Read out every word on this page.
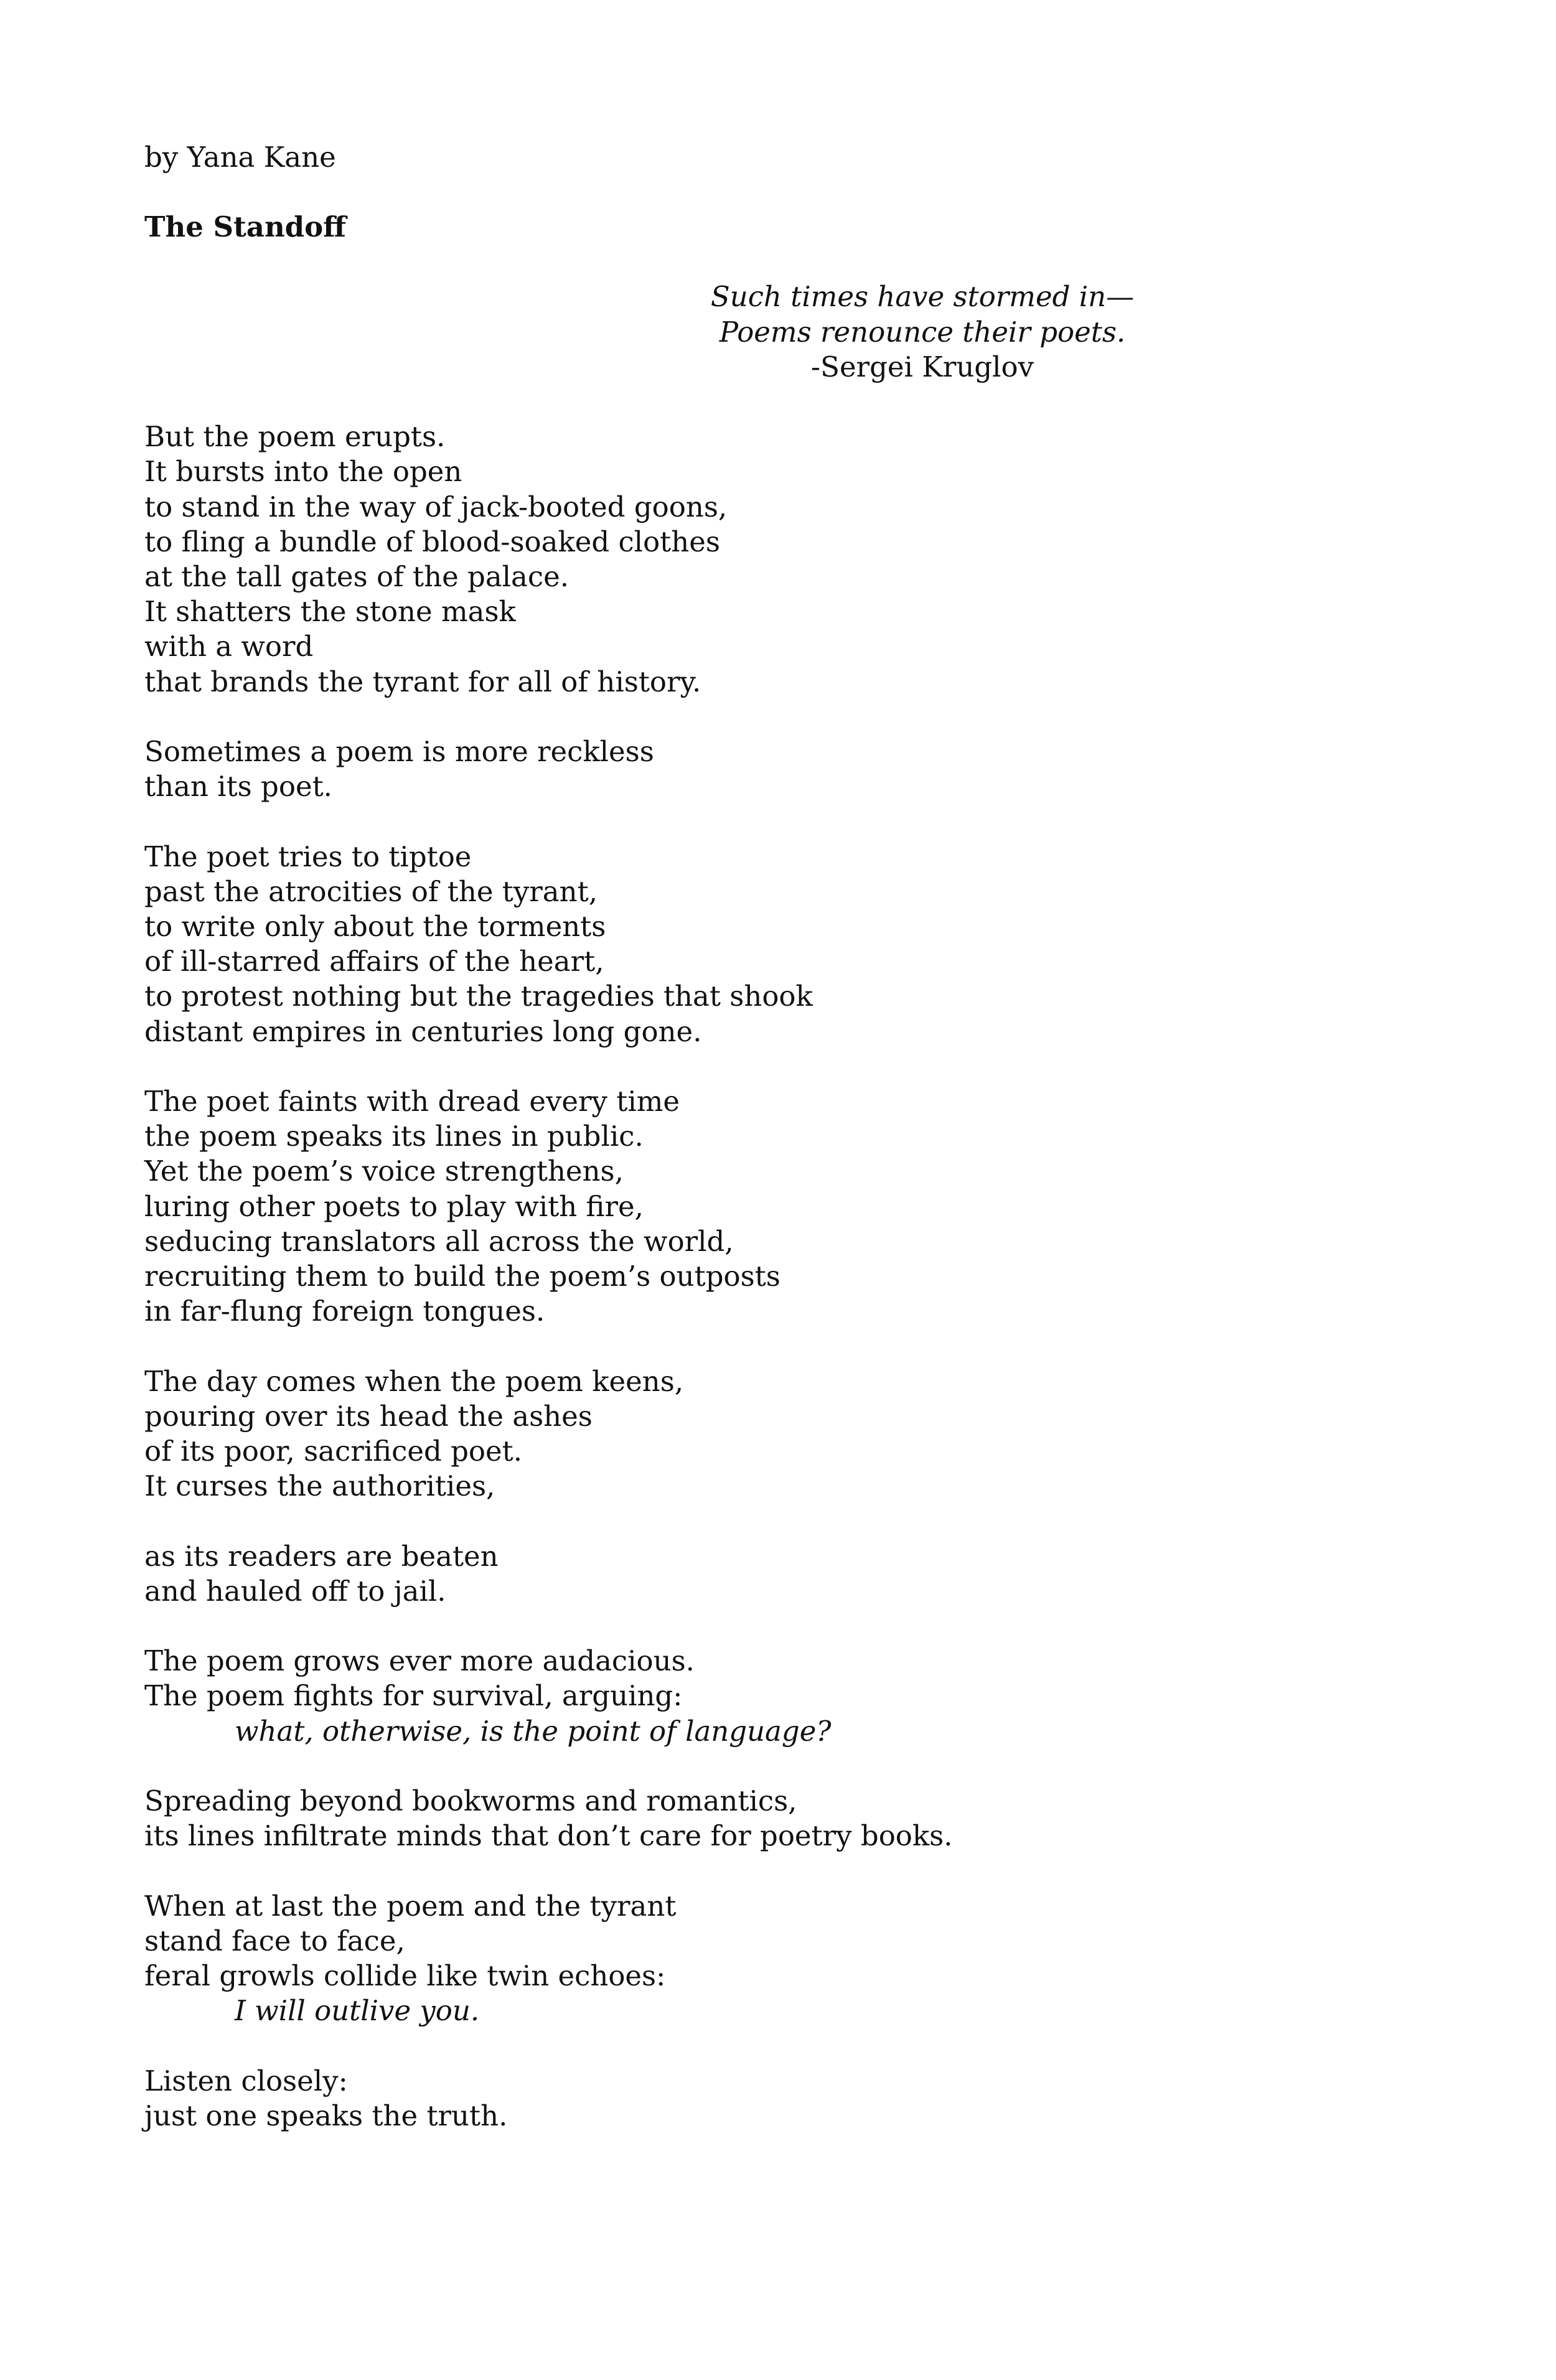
by Yana Kane

The Standoff

Such times have stormed in—
Poems renounce their poets.
-Sergei Kruglov
But the poem erupts.
It bursts into the open
to stand in the way of jack-booted goons,
to fling a bundle of blood-soaked clothes
at the tall gates of the palace.
It shatters the stone mask
with a word
that brands the tyrant for all of history.
Sometimes a poem is more reckless
than its poet.
The poet tries to tiptoe
past the atrocities of the tyrant,
to write only about the torments
of ill-starred affairs of the heart,
to protest nothing but the tragedies that shook
distant empires in centuries long gone.
The poet faints with dread every time
the poem speaks its lines in public.
Yet the poem’s voice strengthens,
luring other poets to play with fire,
seducing translators all across the world,
recruiting them to build the poem’s outposts
in far-flung foreign tongues.
The day comes when the poem keens,
pouring over its head the ashes
of its poor, sacrificed poet.
It curses the authorities,
as its readers are beaten
and hauled off to jail.
The poem grows ever more audacious.
The poem fights for survival, arguing:
what, otherwise, is the point of language?
Spreading beyond bookworms and romantics,
its lines infiltrate minds that don’t care for poetry books.
When at last the poem and the tyrant
stand face to face,
feral growls collide like twin echoes:
I will outlive you.
Listen closely:
just one speaks the truth.
